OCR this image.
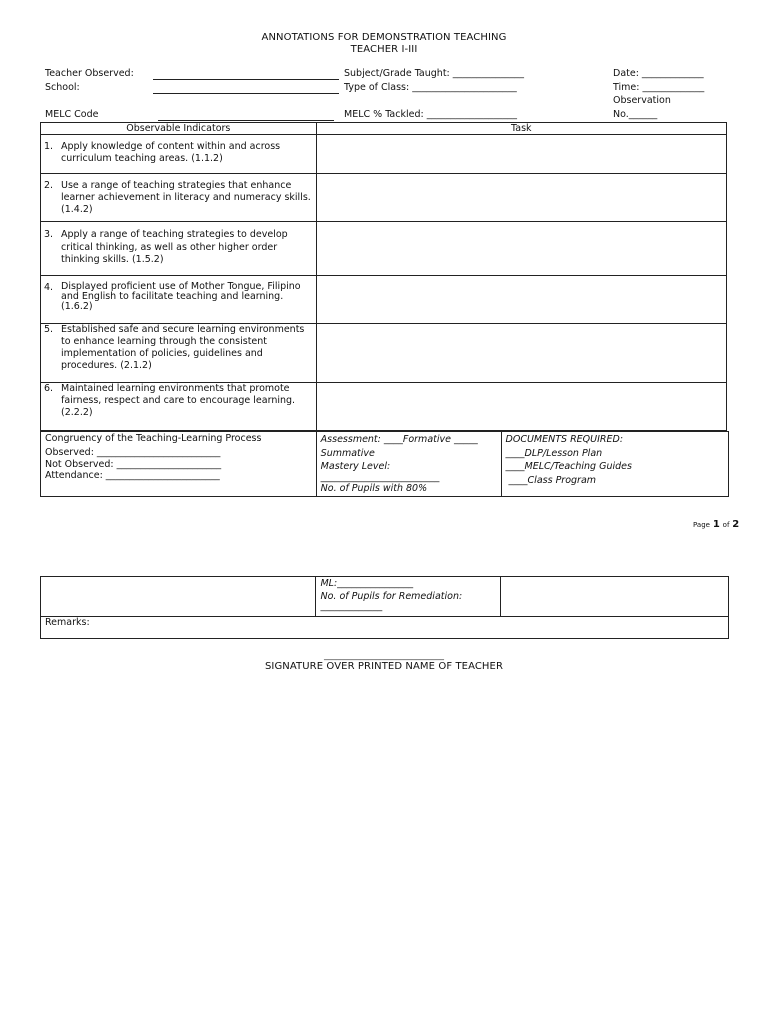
ANNOTATIONS FOR DEMONSTRATION TEACHING
TEACHER I-III
Teacher Observed:
School:
MELC Code
Subject/Grade Taught: _______________
Type of Class: ______________________
MELC % Tackled: ___________________
Date: _____________
Time: _____________
Observation
No.______
Observable Indicators	Task

1. Apply knowledge of content within and across curriculum teaching areas. (1.1.2)	

2. Use a range of teaching strategies that enhance learner achievement in literacy and numeracy skills. (1.4.2)	

3. Apply a range of teaching strategies to develop critical thinking, as well as other higher order thinking skills. (1.5.2)	

4. Displayed proficient use of Mother Tongue, Filipino and English to facilitate teaching and learning. (1.6.2)	

5. Established safe and secure learning environments to enhance learning through the consistent implementation of policies, guidelines and procedures. (2.1.2)	

6. Maintained learning environments that promote fairness, respect and care to encourage learning. (2.2.2)	

Congruency of the Teaching-Learning Process
Observed: __________________________
Not Observed: ______________________
Attendance: ________________________

Assessment: ____Formative _____
Summative
Mastery Level:
_________________________
No. of Pupils with 80%

DOCUMENTS REQUIRED:
____DLP/Lesson Plan
____MELC/Teaching Guides
____Class Program
Page 1 of 2

ML:________________
No. of Pupils for Remediation:
_____________

Remarks:
______________________________
SIGNATURE OVER PRINTED NAME OF TEACHER
